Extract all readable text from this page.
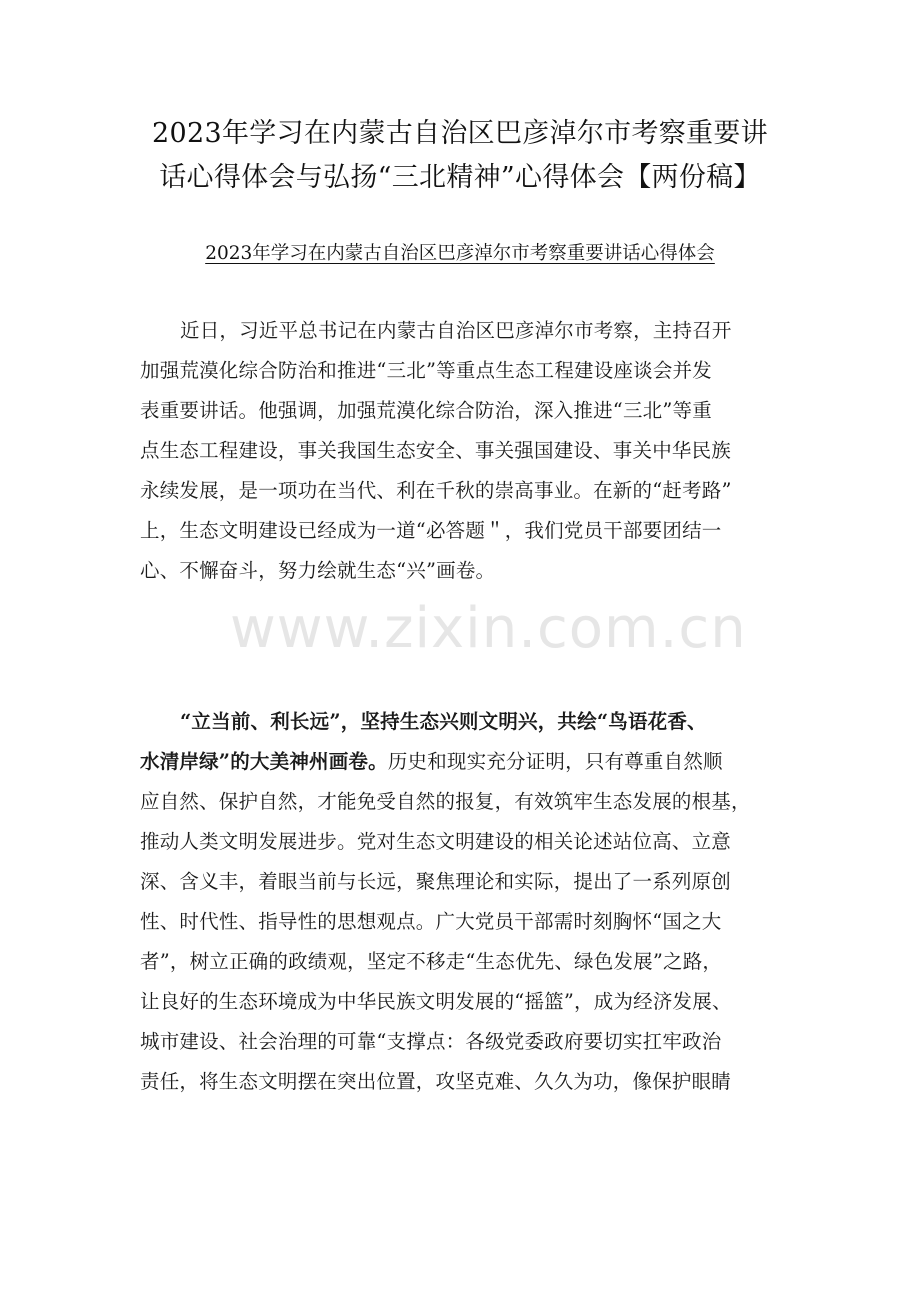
www.zixin.com.cn
2023年学习在内蒙古自治区巴彦淖尔市考察重要讲
话心得体会与弘扬“三北精神”心得体会【两份稿】
2023年学习在内蒙古自治区巴彦淖尔市考察重要讲话心得体会
近日，习近平总书记在内蒙古自治区巴彦淖尔市考察，主持召开
加强荒漠化综合防治和推进“三北”等重点生态工程建设座谈会并发
表重要讲话。他强调，加强荒漠化综合防治，深入推进“三北”等重
点生态工程建设，事关我国生态安全、事关强国建设、事关中华民族
永续发展，是一项功在当代、利在千秋的崇高事业。在新的“赶考路”
上，生态文明建设已经成为一道“必答题＂，我们党员干部要团结一
心、不懈奋斗，努力绘就生态“兴”画卷。
“立当前、利长远”，坚持生态兴则文明兴，共绘“鸟语花香、
水清岸绿”的大美神州画卷。历史和现实充分证明，只有尊重自然顺
应自然、保护自然，才能免受自然的报复，有效筑牢生态发展的根基，
推动人类文明发展进步。党对生态文明建设的相关论述站位高、立意
深、含义丰，着眼当前与长远，聚焦理论和实际，提出了一系列原创
性、时代性、指导性的思想观点。广大党员干部需时刻胸怀“国之大
者”，树立正确的政绩观，坚定不移走“生态优先、绿色发展”之路，
让良好的生态环境成为中华民族文明发展的“摇篮”，成为经济发展、
城市建设、社会治理的可靠“支撑点：各级党委政府要切实扛牢政治
责任，将生态文明摆在突出位置，攻坚克难、久久为功，像保护眼睛
